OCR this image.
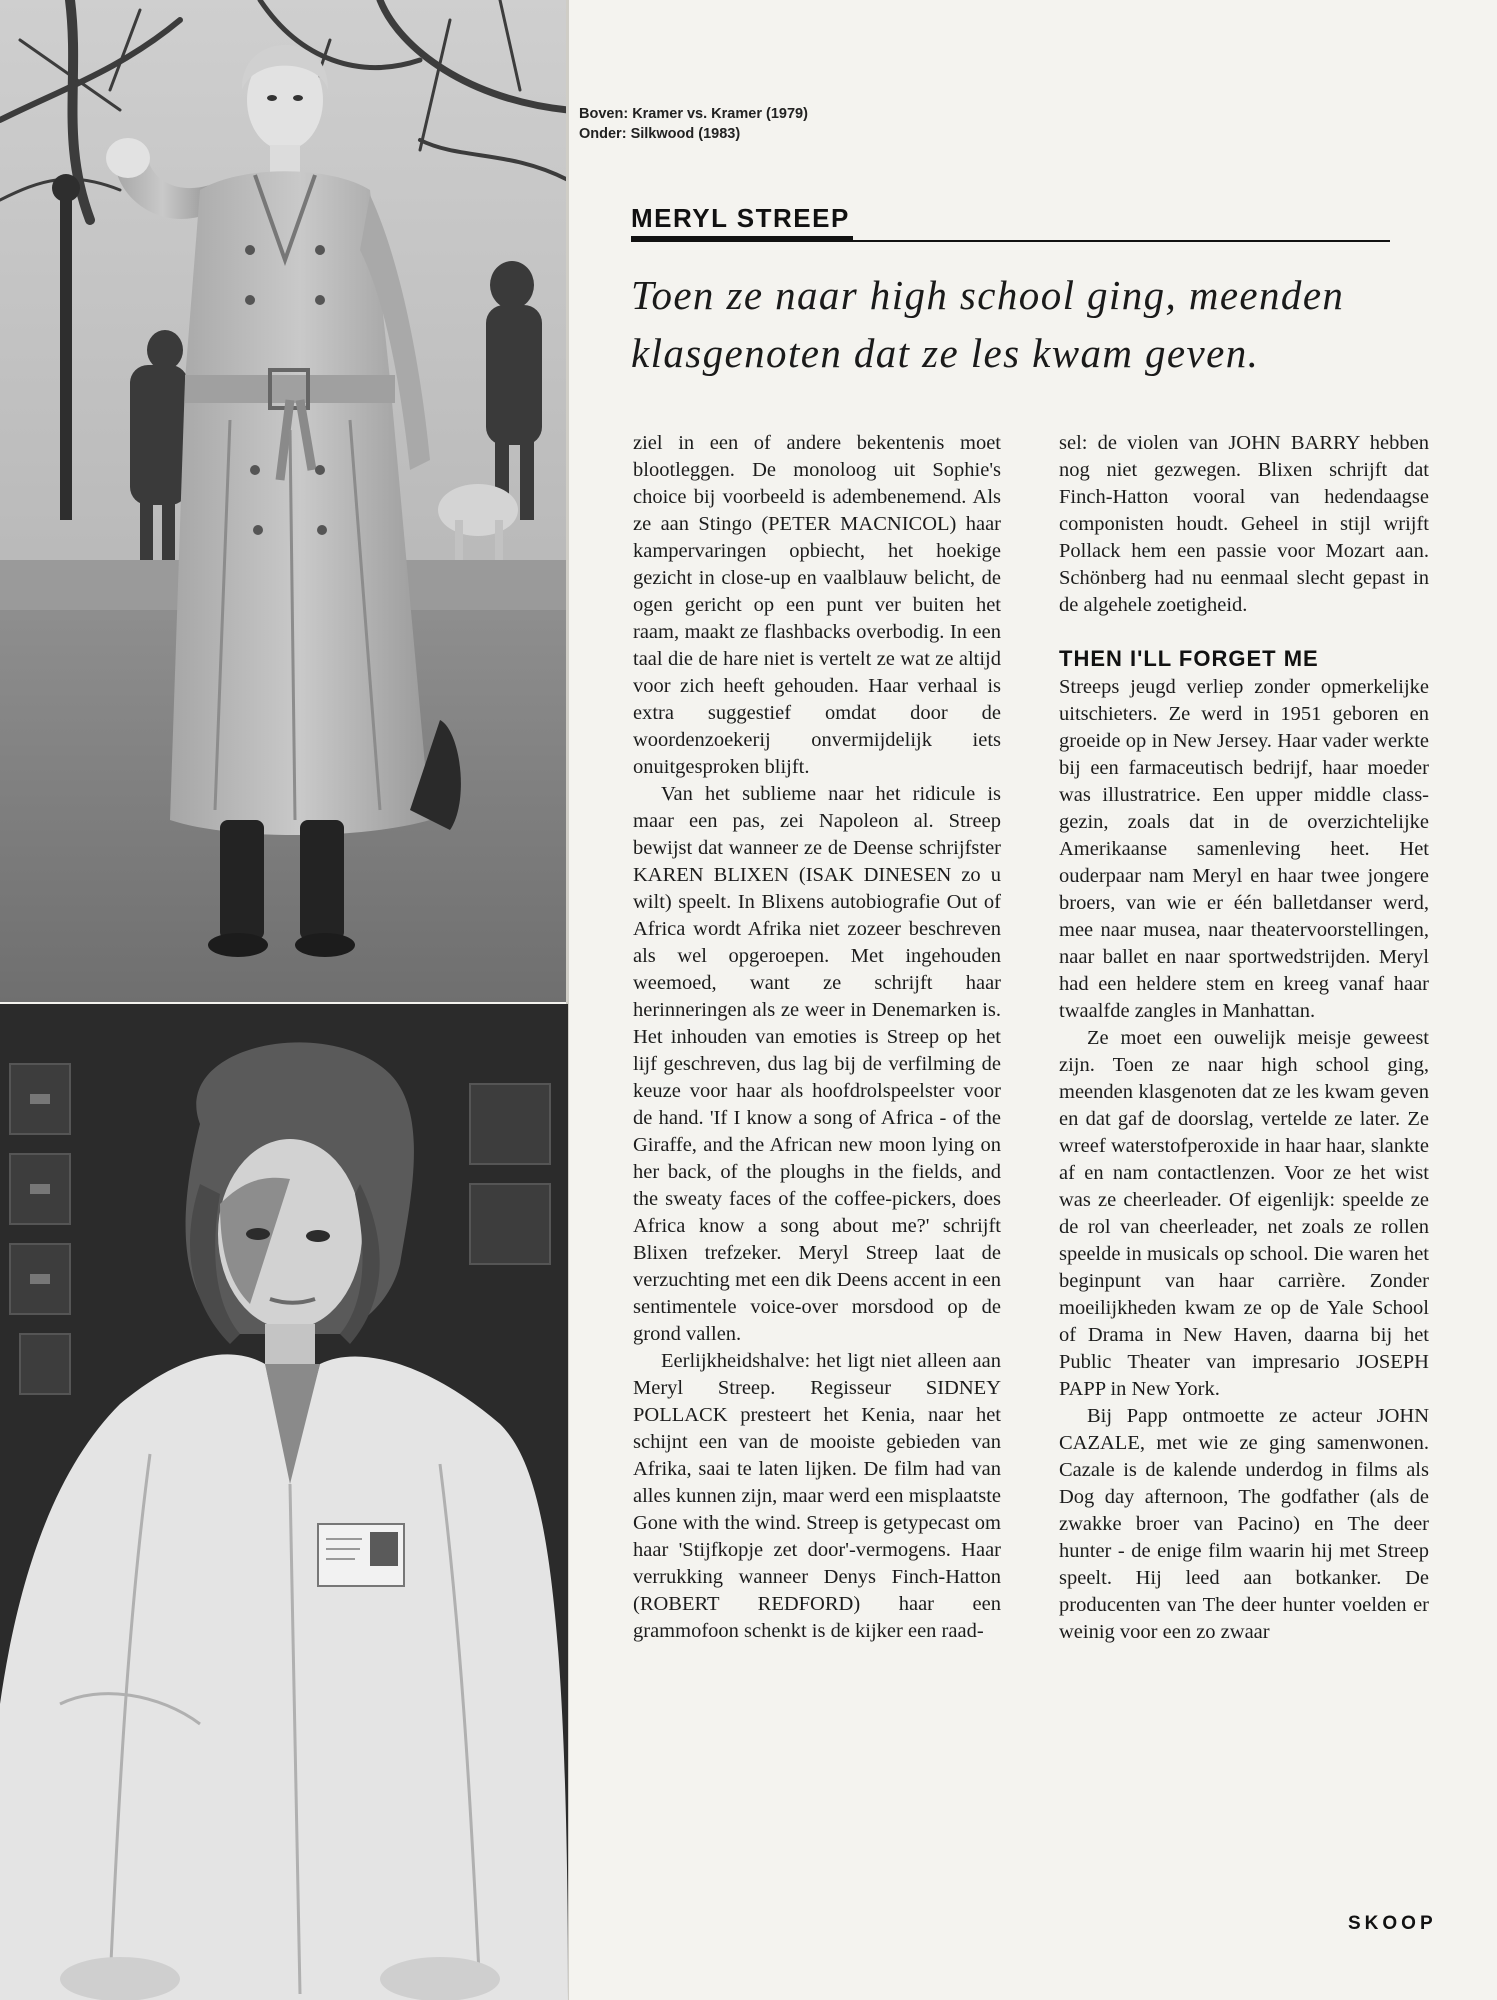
Boven: Kramer vs. Kramer (1979)
Onder: Silkwood (1983)
MERYL STREEP
Toen ze naar high school ging, meenden klasgenoten dat ze les kwam geven.

ziel in een of andere bekentenis moet blootleggen. De monoloog uit Sophie's choice bij voorbeeld is adembenemend. Als ze aan Stingo (PETER MACNICOL) haar kampervaringen opbiecht, het hoekige gezicht in close-up en vaalblauw belicht, de ogen gericht op een punt ver buiten het raam, maakt ze flashbacks overbodig. In een taal die de hare niet is vertelt ze wat ze altijd voor zich heeft gehouden. Haar verhaal is extra suggestief omdat door de woordenzoekerij onvermijdelijk iets onuitgesproken blijft.

Van het sublieme naar het ridicule is maar een pas, zei Napoleon al. Streep bewijst dat wanneer ze de Deense schrijfster KAREN BLIXEN (ISAK DINESEN zo u wilt) speelt. In Blixens autobiografie Out of Africa wordt Afrika niet zozeer beschreven als wel opgeroepen. Met ingehouden weemoed, want ze schrijft haar herinneringen als ze weer in Denemarken is. Het inhouden van emoties is Streep op het lijf geschreven, dus lag bij de verfilming de keuze voor haar als hoofdrolspeelster voor de hand. 'If I know a song of Africa - of the Giraffe, and the African new moon lying on her back, of the ploughs in the fields, and the sweaty faces of the coffee-pickers, does Africa know a song about me?' schrijft Blixen trefzeker. Meryl Streep laat de verzuchting met een dik Deens accent in een sentimentele voice-over morsdood op de grond vallen.

Eerlijkheidshalve: het ligt niet alleen aan Meryl Streep. Regisseur SIDNEY POLLACK presteert het Kenia, naar het schijnt een van de mooiste gebieden van Afrika, saai te laten lijken. De film had van alles kunnen zijn, maar werd een misplaatste Gone with the wind. Streep is getypecast om haar 'Stijfkopje zet door'-vermogens. Haar verrukking wanneer Denys Finch-Hatton (ROBERT REDFORD) haar een grammofoon schenkt is de kijker een raad-

sel: de violen van JOHN BARRY hebben nog niet gezwegen. Blixen schrijft dat Finch-Hatton vooral van hedendaagse componisten houdt. Geheel in stijl wrijft Pollack hem een passie voor Mozart aan. Schönberg had nu eenmaal slecht gepast in de algehele zoetigheid.

THEN I'LL FORGET ME

Streeps jeugd verliep zonder opmerkelijke uitschieters. Ze werd in 1951 geboren en groeide op in New Jersey. Haar vader werkte bij een farmaceutisch bedrijf, haar moeder was illustratrice. Een upper middle class-gezin, zoals dat in de overzichtelijke Amerikaanse samenleving heet. Het ouderpaar nam Meryl en haar twee jongere broers, van wie er één balletdanser werd, mee naar musea, naar theatervoorstellingen, naar ballet en naar sportwedstrijden. Meryl had een heldere stem en kreeg vanaf haar twaalfde zangles in Manhattan.

Ze moet een ouwelijk meisje geweest zijn. Toen ze naar high school ging, meenden klasgenoten dat ze les kwam geven en dat gaf de doorslag, vertelde ze later. Ze wreef waterstofperoxide in haar haar, slankte af en nam contactlenzen. Voor ze het wist was ze cheerleader. Of eigenlijk: speelde ze de rol van cheerleader, net zoals ze rollen speelde in musicals op school. Die waren het beginpunt van haar carrière. Zonder moeilijkheden kwam ze op de Yale School of Drama in New Haven, daarna bij het Public Theater van impresario JOSEPH PAPP in New York.

Bij Papp ontmoette ze acteur JOHN CAZALE, met wie ze ging samenwonen. Cazale is de kalende underdog in films als Dog day afternoon, The godfather (als de zwakke broer van Pacino) en The deer hunter - de enige film waarin hij met Streep speelt. Hij leed aan botkanker. De producenten van The deer hunter voelden er weinig voor een zo zwaar

SKOOP
